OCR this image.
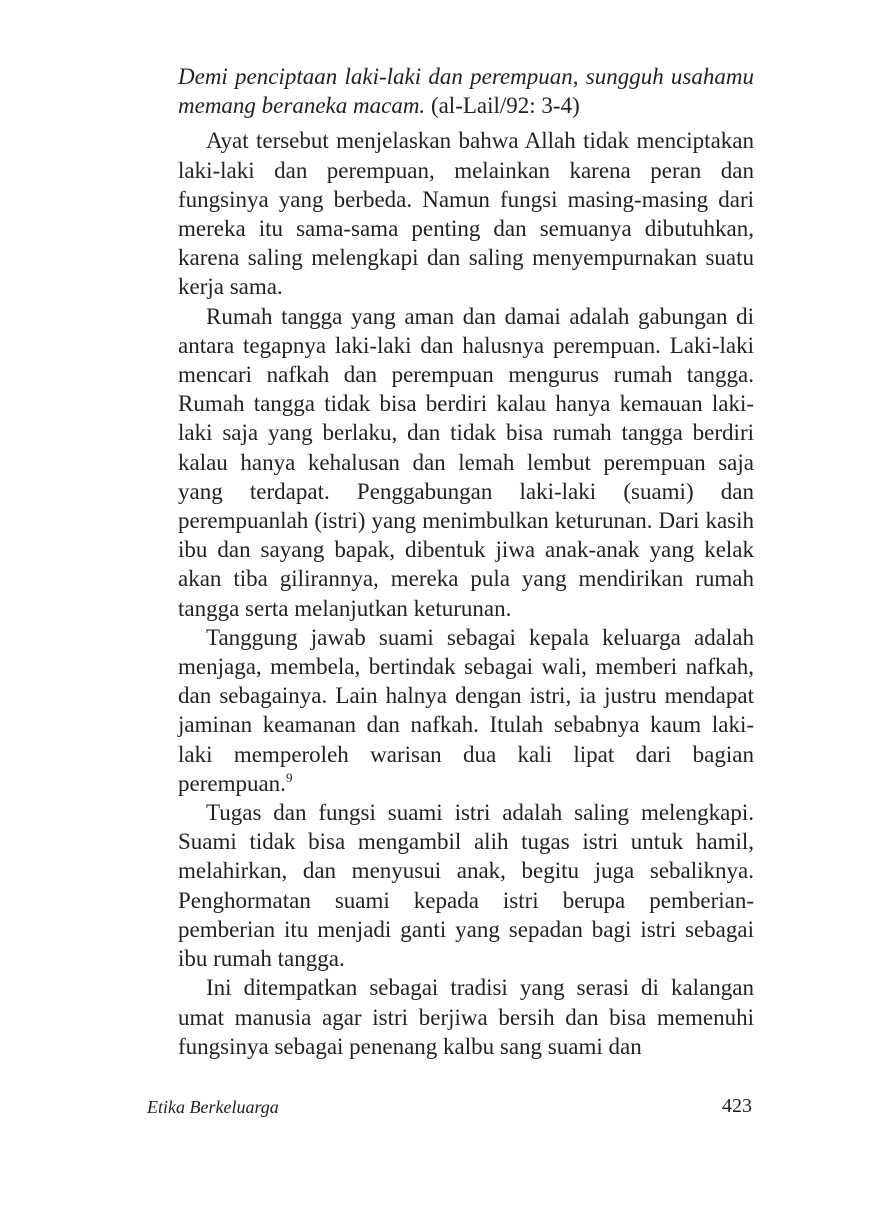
Demi penciptaan laki-laki dan perempuan, sungguh usahamu memang beraneka macam. (al-Lail/92: 3-4)

Ayat tersebut menjelaskan bahwa Allah tidak menciptakan laki-laki dan perempuan, melainkan karena peran dan fungsinya yang berbeda. Namun fungsi masing-masing dari mereka itu sama-sama penting dan semuanya dibutuhkan, karena saling melengkapi dan saling menyempurnakan suatu kerja sama.

Rumah tangga yang aman dan damai adalah gabungan di antara tegapnya laki-laki dan halusnya perempuan. Laki-laki mencari nafkah dan perempuan mengurus rumah tangga. Rumah tangga tidak bisa berdiri kalau hanya kemauan laki-laki saja yang berlaku, dan tidak bisa rumah tangga berdiri kalau hanya kehalusan dan lemah lembut perempuan saja yang terdapat. Penggabungan laki-laki (suami) dan perempuanlah (istri) yang menimbulkan keturunan. Dari kasih ibu dan sayang bapak, dibentuk jiwa anak-anak yang kelak akan tiba gilirannya, mereka pula yang mendirikan rumah tangga serta melanjutkan keturunan.

Tanggung jawab suami sebagai kepala keluarga adalah menjaga, membela, bertindak sebagai wali, memberi nafkah, dan sebagainya. Lain halnya dengan istri, ia justru mendapat jaminan keamanan dan nafkah. Itulah sebabnya kaum laki-laki memperoleh warisan dua kali lipat dari bagian perempuan.$^9$

Tugas dan fungsi suami istri adalah saling melengkapi. Suami tidak bisa mengambil alih tugas istri untuk hamil, melahirkan, dan menyusui anak, begitu juga sebaliknya. Penghormatan suami kepada istri berupa pemberian-pemberian itu menjadi ganti yang sepadan bagi istri sebagai ibu rumah tangga.

Ini ditempatkan sebagai tradisi yang serasi di kalangan umat manusia agar istri berjiwa bersih dan bisa memenuhi fungsinya sebagai penenang kalbu sang suami dan

Etika Berkeluarga	423
